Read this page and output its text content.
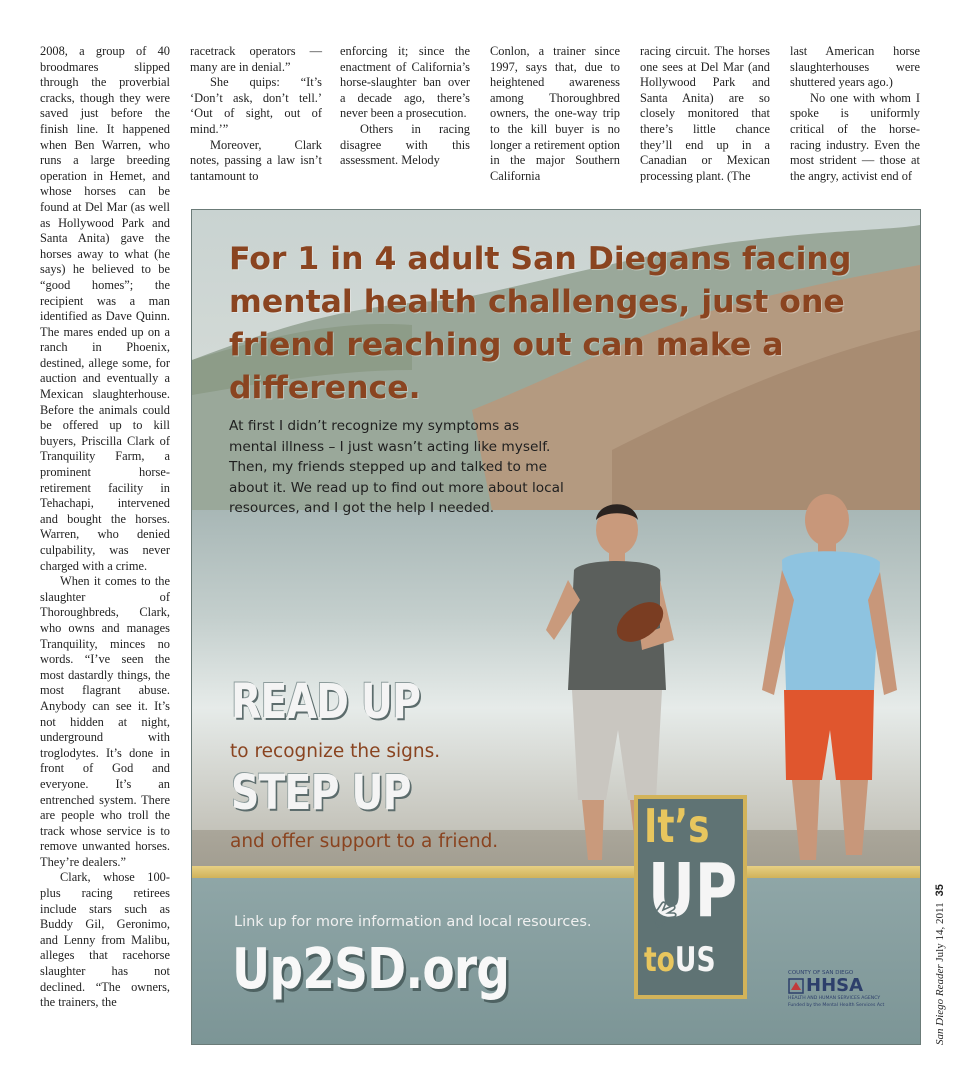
2008, a group of 40 broodmares slipped through the proverbial cracks, though they were saved just before the finish line. It happened when Ben Warren, who runs a large breeding operation in Hemet, and whose horses can be found at Del Mar (as well as Hollywood Park and Santa Anita) gave the horses away to what (he says) he believed to be “good homes”; the recipient was a man identified as Dave Quinn. The mares ended up on a ranch in Phoenix, destined, allege some, for auction and eventually a Mexican slaughterhouse. Before the animals could be offered up to kill buyers, Priscilla Clark of Tranquility Farm, a prominent horse-retirement facility in Tehachapi, intervened and bought the horses. Warren, who denied culpability, was never charged with a crime.

When it comes to the slaughter of Thoroughbreds, Clark, who owns and manages Tranquility, minces no words. “I’ve seen the most dastardly things, the most flagrant abuse. Anybody can see it. It’s not hidden at night, underground with troglodytes. It’s done in front of God and everyone. It’s an entrenched system. There are people who troll the track whose service is to remove unwanted horses. They’re dealers.”

Clark, whose 100-plus racing retirees include stars such as Buddy Gil, Geronimo, and Lenny from Malibu, alleges that racehorse slaughter has not declined. “The owners, the trainers, the

racetrack operators — many are in denial.”

She quips: “It’s ‘Don’t ask, don’t tell.’ ‘Out of sight, out of mind.’”

Moreover, Clark notes, passing a law isn’t tantamount to

enforcing it; since the enactment of California’s horse-slaughter ban over a decade ago, there’s never been a prosecution.

Others in racing disagree with this assessment. Melody

Conlon, a trainer since 1997, says that, due to heightened awareness among Thoroughbred owners, the one-way trip to the kill buyer is no longer a retirement option in the major Southern California

racing circuit. The horses one sees at Del Mar (and Hollywood Park and Santa Anita) are so closely monitored that there’s little chance they’ll end up in a Canadian or Mexican processing plant. (The

last American horse slaughterhouses were shuttered years ago.)

No one with whom I spoke is uniformly critical of the horse-racing industry. Even the most strident — those at the angry, activist end of

For 1 in 4 adult San Diegans facing mental health challenges, just one friend reaching out can make a difference.

At first I didn’t recognize my symptoms as mental illness – I just wasn’t acting like myself. Then, my friends stepped up and talked to me about it. We read up to find out more about local resources, and I got the help I needed.

READ UP
to recognize the signs.
STEP UP
and offer support to a friend.
Link up for more information and local resources.
Up2SD.org
It’s
UP
toUS	COUNTY OF SAN DIEGO
HHSA
HEALTH AND HUMAN SERVICES AGENCY
Funded by the Mental Health Services Act	San Diego Reader July 14, 201135
